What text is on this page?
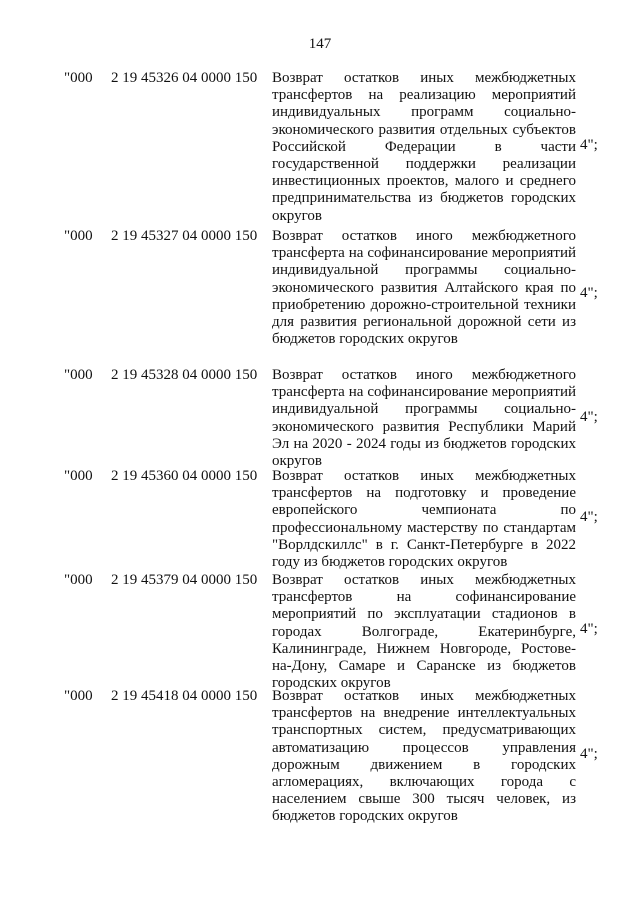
147
"000 2 19 45326 04 0000 150 Возврат остатков иных межбюджетных трансфертов на реализацию мероприятий индивидуальных программ социально-экономического развития отдельных субъектов Российской Федерации в части государственной поддержки реализации инвестиционных проектов, малого и среднего предпринимательства из бюджетов городских округов
4";
"000 2 19 45327 04 0000 150 Возврат остатков иного межбюджетного трансферта на софинансирование мероприятий индивидуальной программы социально-экономического развития Алтайского края по приобретению дорожно-строительной техники для развития региональной дорожной сети из бюджетов городских округов
4";
"000 2 19 45328 04 0000 150 Возврат остатков иного межбюджетного трансферта на софинансирование мероприятий индивидуальной программы социально-экономического развития Республики Марий Эл на 2020 - 2024 годы из бюджетов городских округов
4";
"000 2 19 45360 04 0000 150 Возврат остатков иных межбюджетных трансфертов на подготовку и проведение европейского чемпионата по профессиональному мастерству по стандартам "Ворлдскиллс" в г. Санкт-Петербурге в 2022 году из бюджетов городских округов
4";
"000 2 19 45379 04 0000 150 Возврат остатков иных межбюджетных трансфертов на софинансирование мероприятий по эксплуатации стадионов в городах Волгограде, Екатеринбурге, Калининграде, Нижнем Новгороде, Ростове-на-Дону, Самаре и Саранске из бюджетов городских округов
4";
"000 2 19 45418 04 0000 150 Возврат остатков иных межбюджетных трансфертов на внедрение интеллектуальных транспортных систем, предусматривающих автоматизацию процессов управления дорожным движением в городских агломерациях, включающих города с населением свыше 300 тысяч человек, из бюджетов городских округов
4";
